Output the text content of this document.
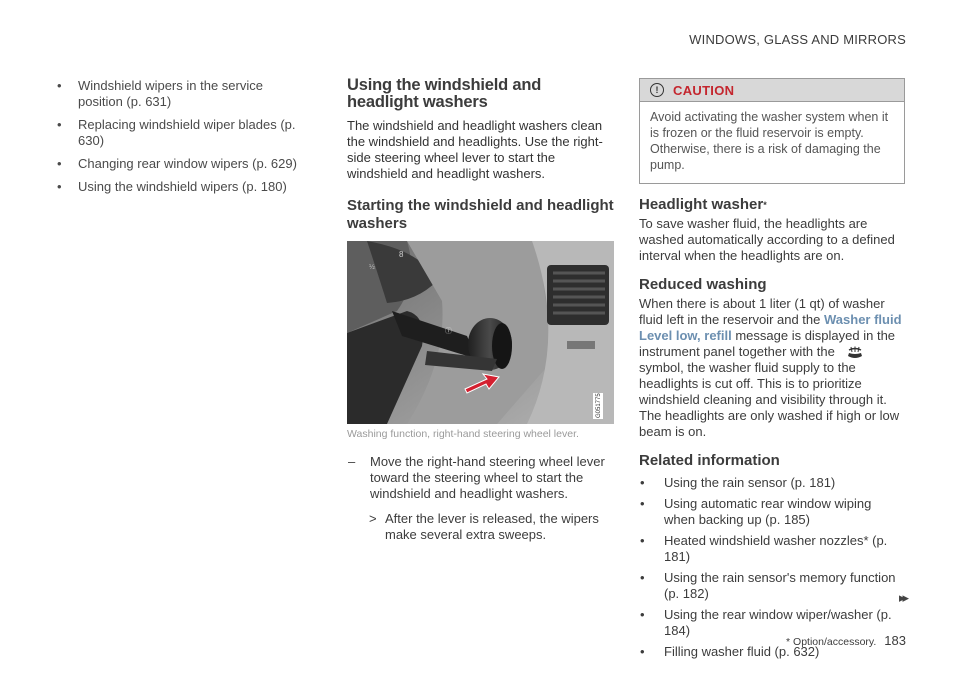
WINDOWS, GLASS AND MIRRORS
•	Windshield wipers in the service position (p. 631)
•	Replacing windshield wiper blades (p. 630)
•	Changing rear window wipers (p. 629)
•	Using the windshield wipers (p. 180)
Using the windshield and headlight washers
The windshield and headlight washers clean the windshield and headlights. Use the right-side steering wheel lever to start the windshield and headlight washers.
Starting the windshield and headlight washers
8
½
ⓘ
G051775
Washing function, right-hand steering wheel lever.
–	Move the right-hand steering wheel lever toward the steering wheel to start the windshield and headlight washers.
> After the lever is released, the wipers make several extra sweeps.
!	CAUTION
Avoid activating the washer system when it is frozen or the fluid reservoir is empty. Otherwise, there is a risk of damaging the pump.
Headlight washer*
To save washer fluid, the headlights are washed automatically according to a defined interval when the headlights are on.
Reduced washing
When there is about 1 liter (1 qt) of washer fluid left in the reservoir and the Washer fluid Level low, refill message is displayed in the instrument panel together with the symbol, the washer fluid supply to the headlights is cut off. This is to prioritize windshield cleaning and visibility through it. The headlights are only washed if high or low beam is on.
Related information
•	Using the rain sensor (p. 181)
•	Using automatic rear window wiping when backing up (p. 185)
•	Heated windshield washer nozzles* (p. 181)
•	Using the rain sensor's memory function (p. 182)
•	Using the rear window wiper/washer (p. 184)
•	Filling washer fluid (p. 632)
▸▸
* Option/accessory. 183
